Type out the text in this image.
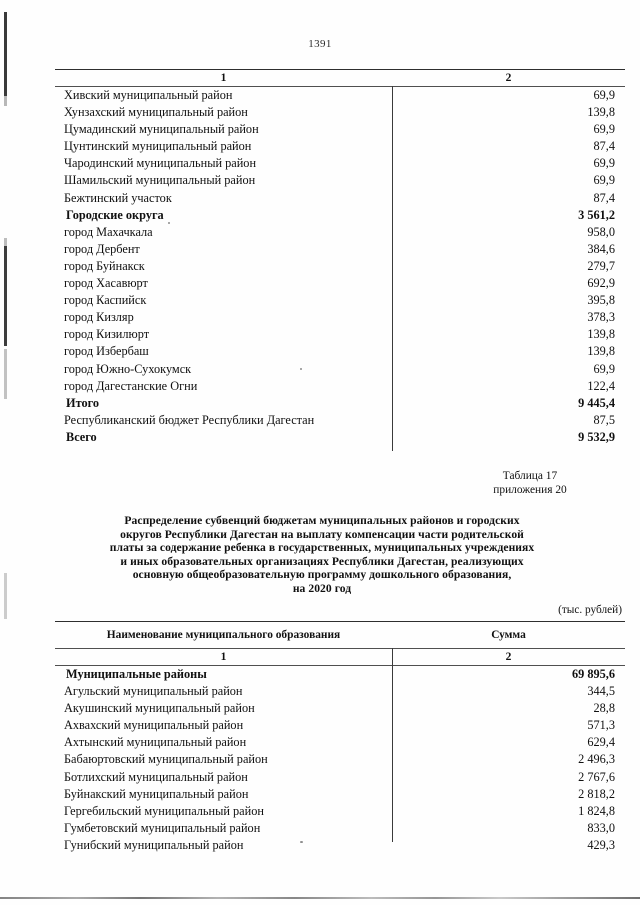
1391
1	2
Хивский муниципальный район	69,9
Хунзахский муниципальный район	139,8
Цумадинский муниципальный район	69,9
Цунтинский муниципальный район	87,4
Чародинский муниципальный район	69,9
Шамильский муниципальный район	69,9
Бежтинский участок	87,4
Городские округа	3 561,2
город Махачкала	958,0
город Дербент	384,6
город Буйнакск	279,7
город Хасавюрт	692,9
город Каспийск	395,8
город Кизляр	378,3
город Кизилюрт	139,8
город Избербаш	139,8
город Южно-Сухокумск	69,9
город Дагестанские Огни	122,4
Итого	9 445,4
Республиканский бюджет Республики Дагестан	87,5
Всего	9 532,9
Таблица 17
приложения 20
Распределение субвенций бюджетам муниципальных районов и городских
округов Республики Дагестан на выплату компенсации части родительской
платы за содержание ребенка в государственных, муниципальных учреждениях
и иных образовательных организациях Республики Дагестан, реализующих
основную общеобразовательную программу дошкольного образования,
на 2020 год
(тыс. рублей)
Наименование муниципального образования	Сумма
1	2
Муниципальные районы	69 895,6
Агульский муниципальный район	344,5
Акушинский муниципальный район	28,8
Ахвахский муниципальный район	571,3
Ахтынский муниципальный район	629,4
Бабаюртовский муниципальный район	2 496,3
Ботлихский муниципальный район	2 767,6
Буйнакский муниципальный район	2 818,2
Гергебильский муниципальный район	1 824,8
Гумбетовский муниципальный район	833,0
Гунибский муниципальный район	429,3
